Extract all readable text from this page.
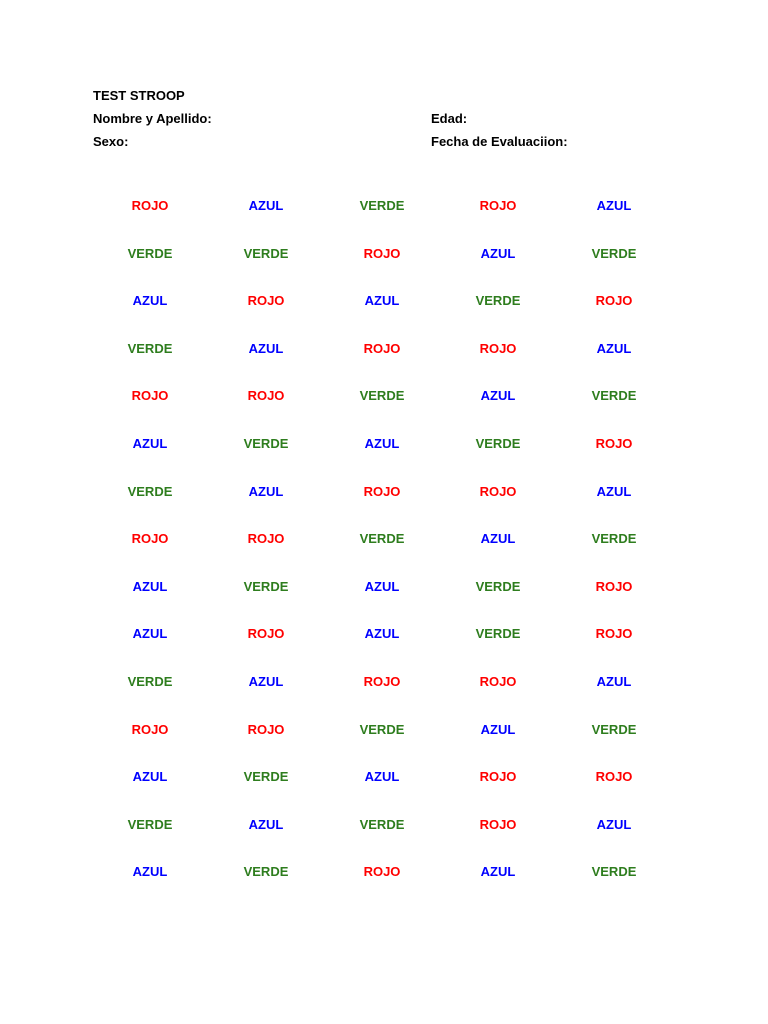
TEST STROOP
Nombre y Apellido:	Edad:
Sexo:	Fecha de Evaluaciion:
ROJO	AZUL	VERDE	ROJO	AZUL
VERDE	VERDE	ROJO	AZUL	VERDE
AZUL	ROJO	AZUL	VERDE	ROJO
VERDE	AZUL	ROJO	ROJO	AZUL
ROJO	ROJO	VERDE	AZUL	VERDE
AZUL	VERDE	AZUL	VERDE	ROJO
VERDE	AZUL	ROJO	ROJO	AZUL
ROJO	ROJO	VERDE	AZUL	VERDE
AZUL	VERDE	AZUL	VERDE	ROJO
AZUL	ROJO	AZUL	VERDE	ROJO
VERDE	AZUL	ROJO	ROJO	AZUL
ROJO	ROJO	VERDE	AZUL	VERDE
AZUL	VERDE	AZUL	ROJO	ROJO
VERDE	AZUL	VERDE	ROJO	AZUL
AZUL	VERDE	ROJO	AZUL	VERDE
